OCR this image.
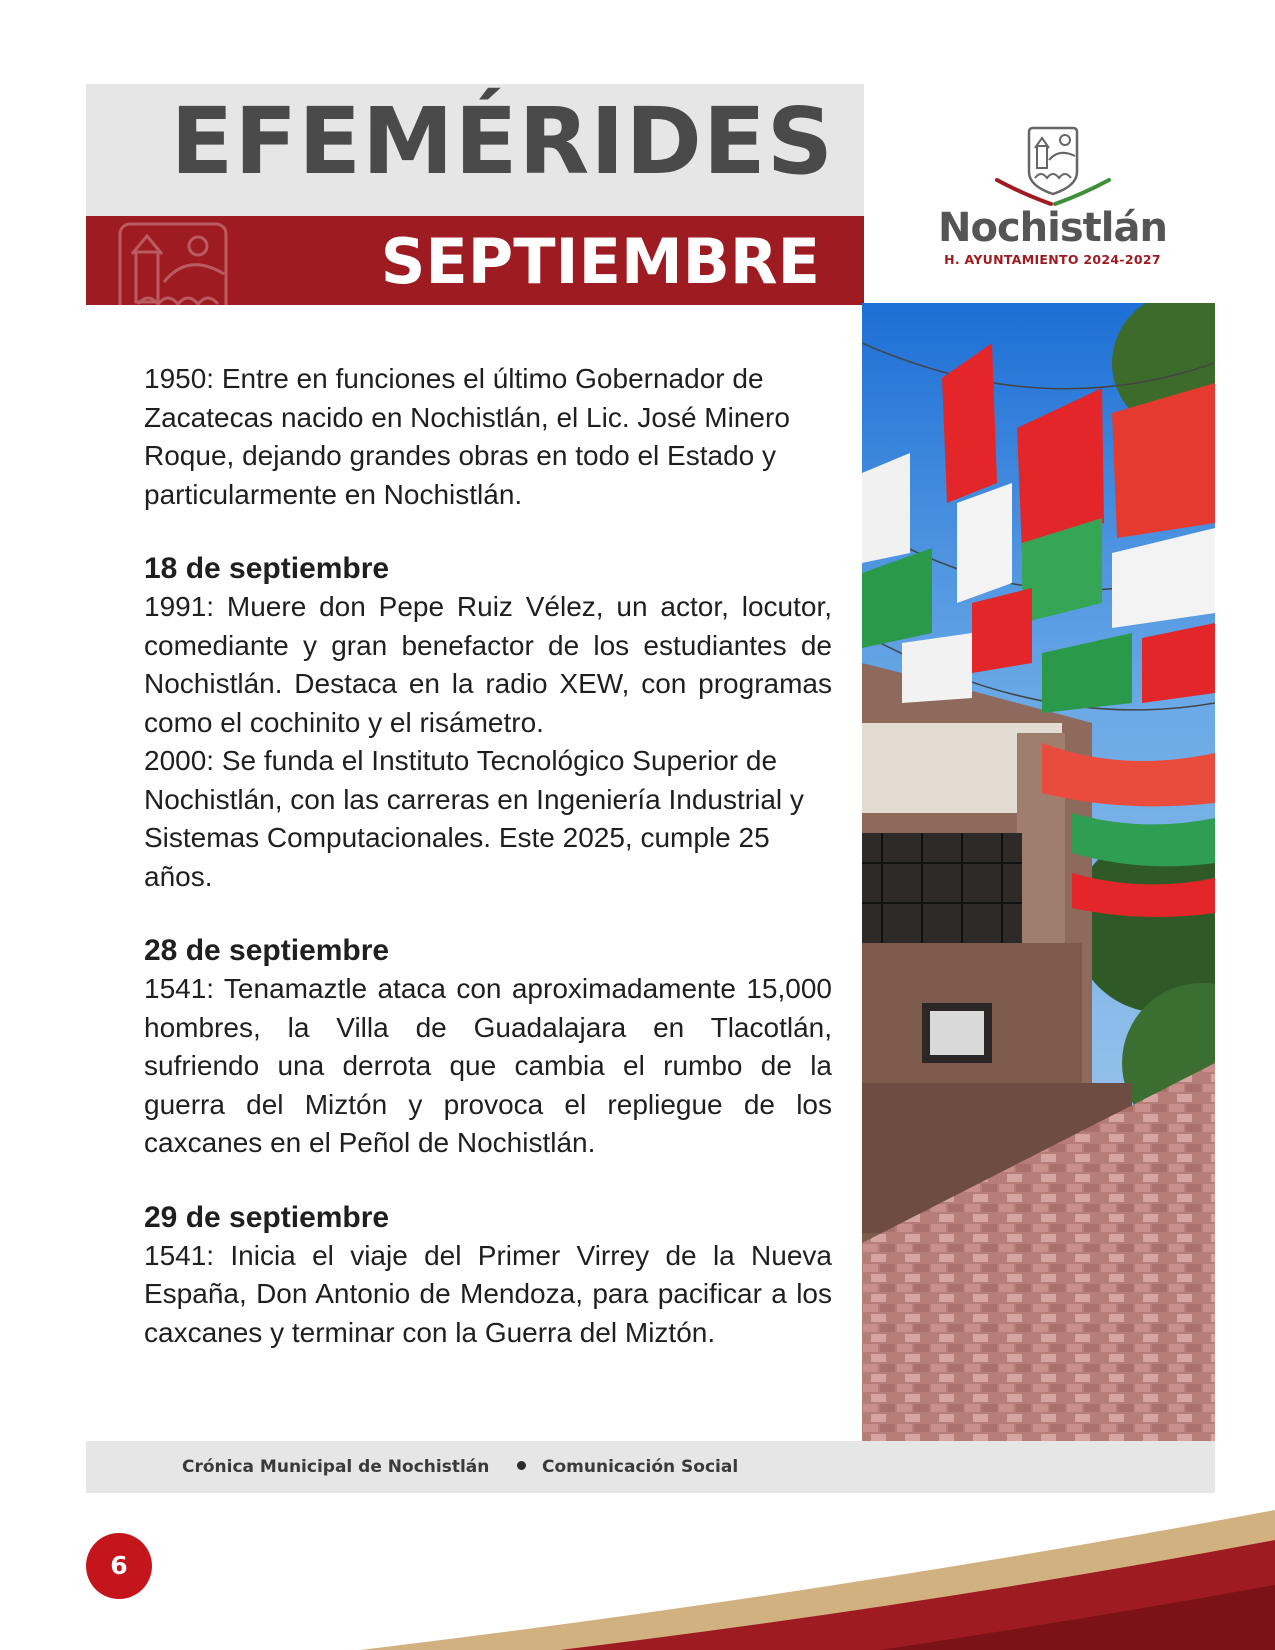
EFEMÉRIDES
SEPTIEMBRE	Nochistlán
H. AYUNTAMIENTO 2024-2027

1950: Entre en funciones el último Gobernador de Zacatecas nacido en Nochistlán, el Lic. José Minero Roque, dejando grandes obras en todo el Estado y particularmente en Nochistlán.

18 de septiembre

1991: Muere don Pepe Ruiz Vélez, un actor, locutor, comediante y gran benefactor de los estudiantes de Nochistlán. Destaca en la radio XEW, con programas como el cochinito y el risámetro.

2000: Se funda el Instituto Tecnológico Superior de Nochistlán, con las carreras en Ingeniería Industrial y Sistemas Computacionales. Este 2025, cumple 25 años.

28 de septiembre

1541: Tenamaztle ataca con aproximadamente 15,000 hombres, la Villa de Guadalajara en Tlacotlán, sufriendo una derrota que cambia el rumbo de la guerra del Miztón y provoca el repliegue de los caxcanes en el Peñol de Nochistlán.

29 de septiembre

1541: Inicia el viaje del Primer Virrey de la Nueva España, Don Antonio de Mendoza, para pacificar a los caxcanes y terminar con la Guerra del Miztón.

Crónica Municipal de Nochistlán	Comunicación Social
6
